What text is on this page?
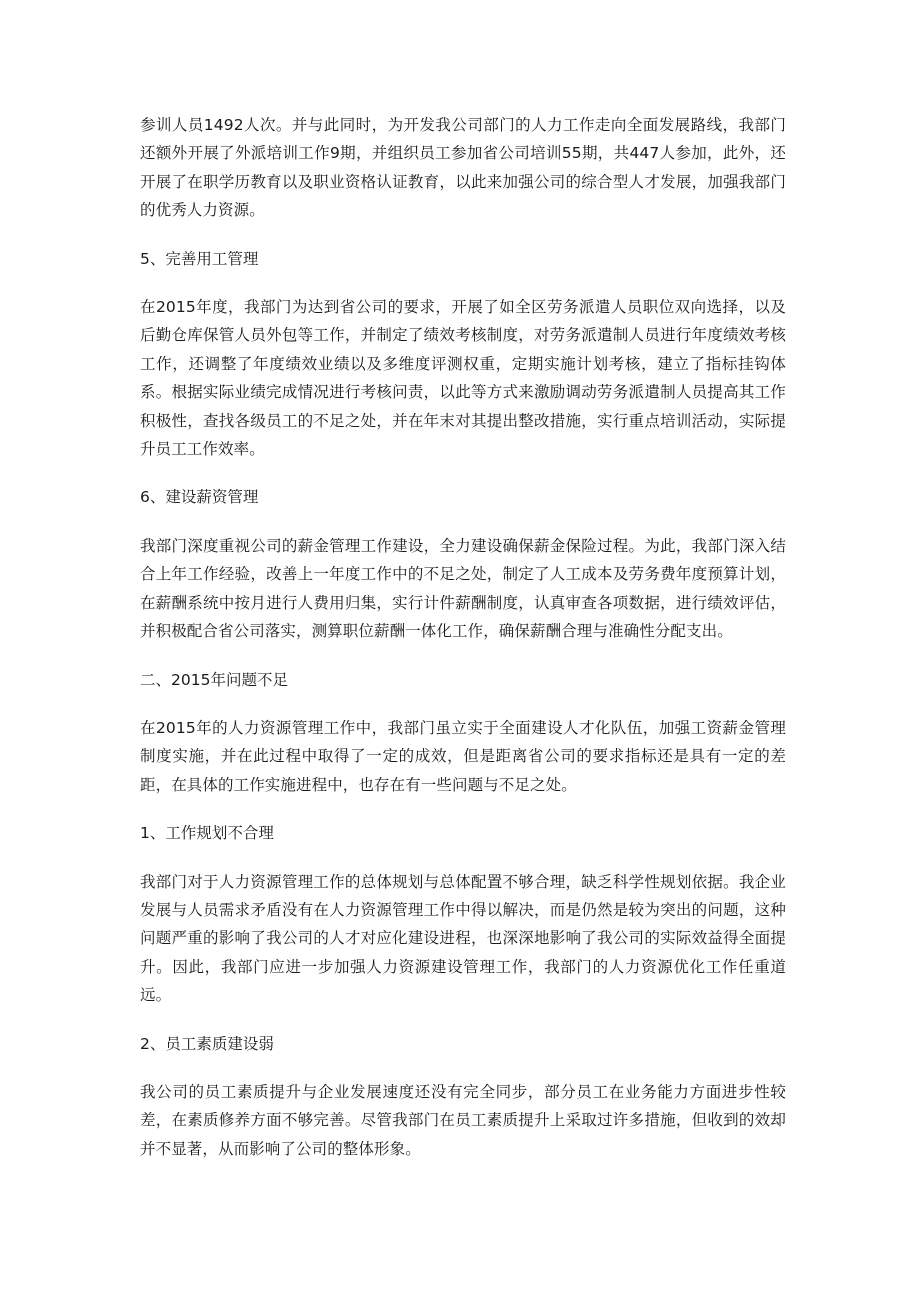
参训人员1492人次。并与此同时，为开发我公司部门的人力工作走向全面发展路线，我部门还额外开展了外派培训工作9期，并组织员工参加省公司培训55期，共447人参加，此外，还开展了在职学历教育以及职业资格认证教育，以此来加强公司的综合型人才发展，加强我部门的优秀人力资源。

5、完善用工管理

在2015年度，我部门为达到省公司的要求，开展了如全区劳务派遣人员职位双向选择，以及后勤仓库保管人员外包等工作，并制定了绩效考核制度，对劳务派遣制人员进行年度绩效考核工作，还调整了年度绩效业绩以及多维度评测权重，定期实施计划考核，建立了指标挂钩体系。根据实际业绩完成情况进行考核问责，以此等方式来激励调动劳务派遣制人员提高其工作积极性，查找各级员工的不足之处，并在年末对其提出整改措施，实行重点培训活动，实际提升员工工作效率。

6、建设薪资管理

我部门深度重视公司的薪金管理工作建设，全力建设确保薪金保险过程。为此，我部门深入结合上年工作经验，改善上一年度工作中的不足之处，制定了人工成本及劳务费年度预算计划，在薪酬系统中按月进行人费用归集，实行计件薪酬制度，认真审查各项数据，进行绩效评估，并积极配合省公司落实，测算职位薪酬一体化工作，确保薪酬合理与准确性分配支出。

二、2015年问题不足

在2015年的人力资源管理工作中，我部门虽立实于全面建设人才化队伍，加强工资薪金管理制度实施，并在此过程中取得了一定的成效，但是距离省公司的要求指标还是具有一定的差距，在具体的工作实施进程中，也存在有一些问题与不足之处。

1、工作规划不合理

我部门对于人力资源管理工作的总体规划与总体配置不够合理，缺乏科学性规划依据。我企业发展与人员需求矛盾没有在人力资源管理工作中得以解决，而是仍然是较为突出的问题，这种问题严重的影响了我公司的人才对应化建设进程，也深深地影响了我公司的实际效益得全面提升。因此，我部门应进一步加强人力资源建设管理工作，我部门的人力资源优化工作任重道远。

2、员工素质建设弱

我公司的员工素质提升与企业发展速度还没有完全同步，部分员工在业务能力方面进步性较差，在素质修养方面不够完善。尽管我部门在员工素质提升上采取过许多措施，但收到的效却并不显著，从而影响了公司的整体形象。
